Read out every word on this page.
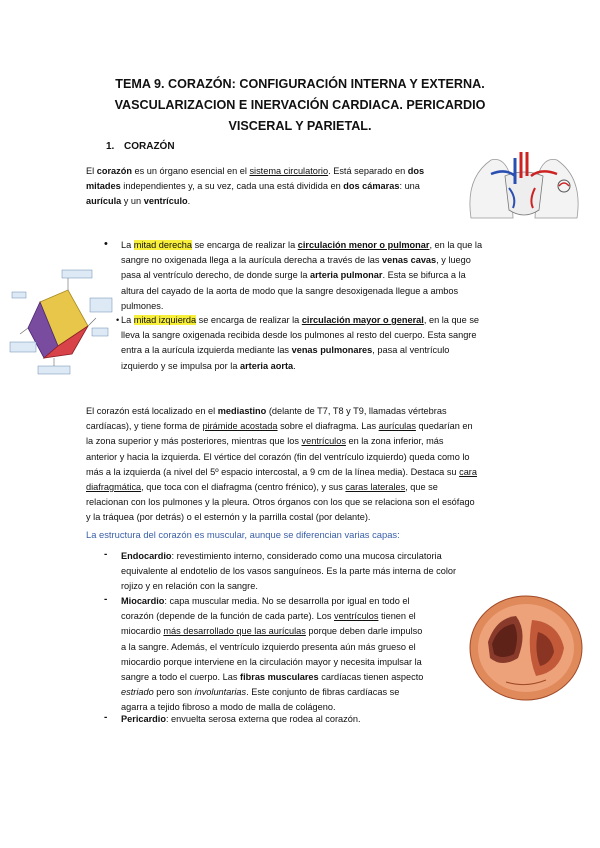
TEMA 9. CORAZÓN: CONFIGURACIÓN INTERNA Y EXTERNA.
VASCULARIZACION E INERVACIÓN CARDIACA. PERICARDIO
VISCERAL Y PARIETAL.
1. CORAZÓN
El corazón es un órgano esencial en el sistema circulatorio. Está separado en dos
mitades independientes y, a su vez, cada una está dividida en dos cámaras: una
aurícula y un ventrículo.
• La mitad derecha se encarga de realizar la circulación menor o pulmonar, en la que la
sangre no oxigenada llega a la aurícula derecha a través de las venas cavas, y luego
pasa al ventrículo derecho, de donde surge la arteria pulmonar. Esta se bifurca a la
altura del cayado de la aorta de modo que la sangre desoxigenada llegue a ambos
pulmones.
• La mitad izquierda se encarga de realizar la circulación mayor o general, en la que se
lleva la sangre oxigenada recibida desde los pulmones al resto del cuerpo. Esta sangre
entra a la aurícula izquierda mediante las venas pulmonares, pasa al ventrículo
izquierdo y se impulsa por la arteria aorta.
El corazón está localizado en el mediastino (delante de T7, T8 y T9, llamadas vértebras
cardíacas), y tiene forma de pirámide acostada sobre el diafragma. Las aurículas quedarían en
la zona superior y más posteriores, mientras que los ventrículos en la zona inferior, más
anterior y hacia la izquierda. El vértice del corazón (fin del ventrículo izquierdo) queda como lo
más a la izquierda (a nivel del 5º espacio intercostal, a 9 cm de la línea media). Destaca su cara
diafragmática, que toca con el diafragma (centro frénico), y sus caras laterales, que se
relacionan con los pulmones y la pleura. Otros órganos con los que se relaciona son el esófago
y la tráquea (por detrás) o el esternón y la parrilla costal (por delante).
La estructura del corazón es muscular, aunque se diferencian varias capas:
- Endocardio: revestimiento interno, considerado como una mucosa circulatoria
equivalente al endotelio de los vasos sanguíneos. Es la parte más interna de color
rojizo y en relación con la sangre.
- Miocardio: capa muscular media. No se desarrolla por igual en todo el
corazón (depende de la función de cada parte). Los ventrículos tienen el
miocardio más desarrollado que las aurículas porque deben darle impulso
a la sangre. Además, el ventrículo izquierdo presenta aún más grueso el
miocardio porque interviene en la circulación mayor y necesita impulsar la
sangre a todo el cuerpo. Las fibras musculares cardíacas tienen aspecto
estriado pero son involuntarias. Este conjunto de fibras cardíacas se
agarra a tejido fibroso a modo de malla de colágeno.
- Pericardio: envuelta serosa externa que rodea al corazón.
